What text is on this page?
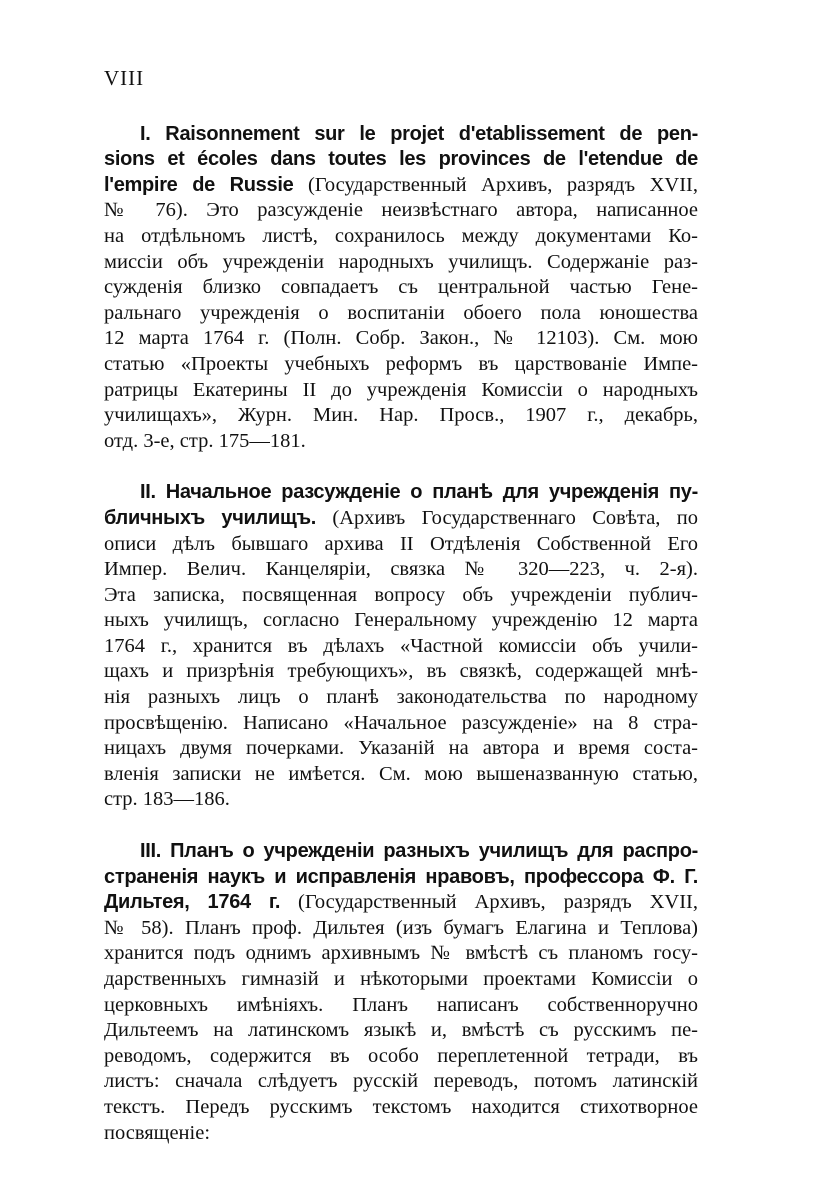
VIII
I. Raisonnement sur le projet d'etablissement de pen-
sions et écoles dans toutes les provinces de l'etendue de
l'empire de Russie (Государственный Архивъ, разрядъ XVII,
№ 76). Это разсужденіе неизвѣстнаго автора, написанное
на отдѣльномъ листѣ, сохранилось между документами Ко-
миссіи объ учрежденіи народныхъ училищъ. Содержаніе раз-
сужденія близко совпадаетъ съ центральной частью Гене-
ральнаго учрежденія о воспитаніи обоего пола юношества
12 марта 1764 г. (Полн. Собр. Закон., № 12103). См. мою
статью «Проекты учебныхъ реформъ въ царствованіе Импе-
ратрицы Екатерины II до учрежденія Комиссіи о народныхъ
училищахъ», Журн. Мин. Нар. Просв., 1907 г., декабрь,
отд. 3-е, стр. 175—181.
II. Начальное разсужденіе о планѣ для учрежденія пу-
бличныхъ училищъ. (Архивъ Государственнаго Совѣта, по
описи дѣлъ бывшаго архива II Отдѣленія Собственной Его
Импер. Велич. Канцеляріи, связка № 320—223, ч. 2-я).
Эта записка, посвященная вопросу объ учрежденіи публич-
ныхъ училищъ, согласно Генеральному учрежденію 12 марта
1764 г., хранится въ дѣлахъ «Частной комиссіи объ учили-
щахъ и призрѣнія требующихъ», въ связкѣ, содержащей мнѣ-
нія разныхъ лицъ о планѣ законодательства по народному
просвѣщенію. Написано «Начальное разсужденіе» на 8 стра-
ницахъ двумя почерками. Указаній на автора и время соста-
вленія записки не имѣется. См. мою вышеназванную статью,
стр. 183—186.
III. Планъ о учрежденіи разныхъ училищъ для распро-
страненія наукъ и исправленія нравовъ, профессора Ф. Г.
Дильтея, 1764 г. (Государственный Архивъ, разрядъ XVII,
№ 58). Планъ проф. Дильтея (изъ бумагъ Елагина и Теплова)
хранится подъ однимъ архивнымъ № вмѣстѣ съ планомъ госу-
дарственныхъ гимназій и нѣкоторыми проектами Комиссіи о
церковныхъ имѣніяхъ. Планъ написанъ собственноручно
Дильтеемъ на латинскомъ языкѣ и, вмѣстѣ съ русскимъ пе-
реводомъ, содержится въ особо переплетенной тетради, въ
листъ: сначала слѣдуетъ русскій переводъ, потомъ латинскій
текстъ. Передъ русскимъ текстомъ находится стихотворное
посвященіе:
